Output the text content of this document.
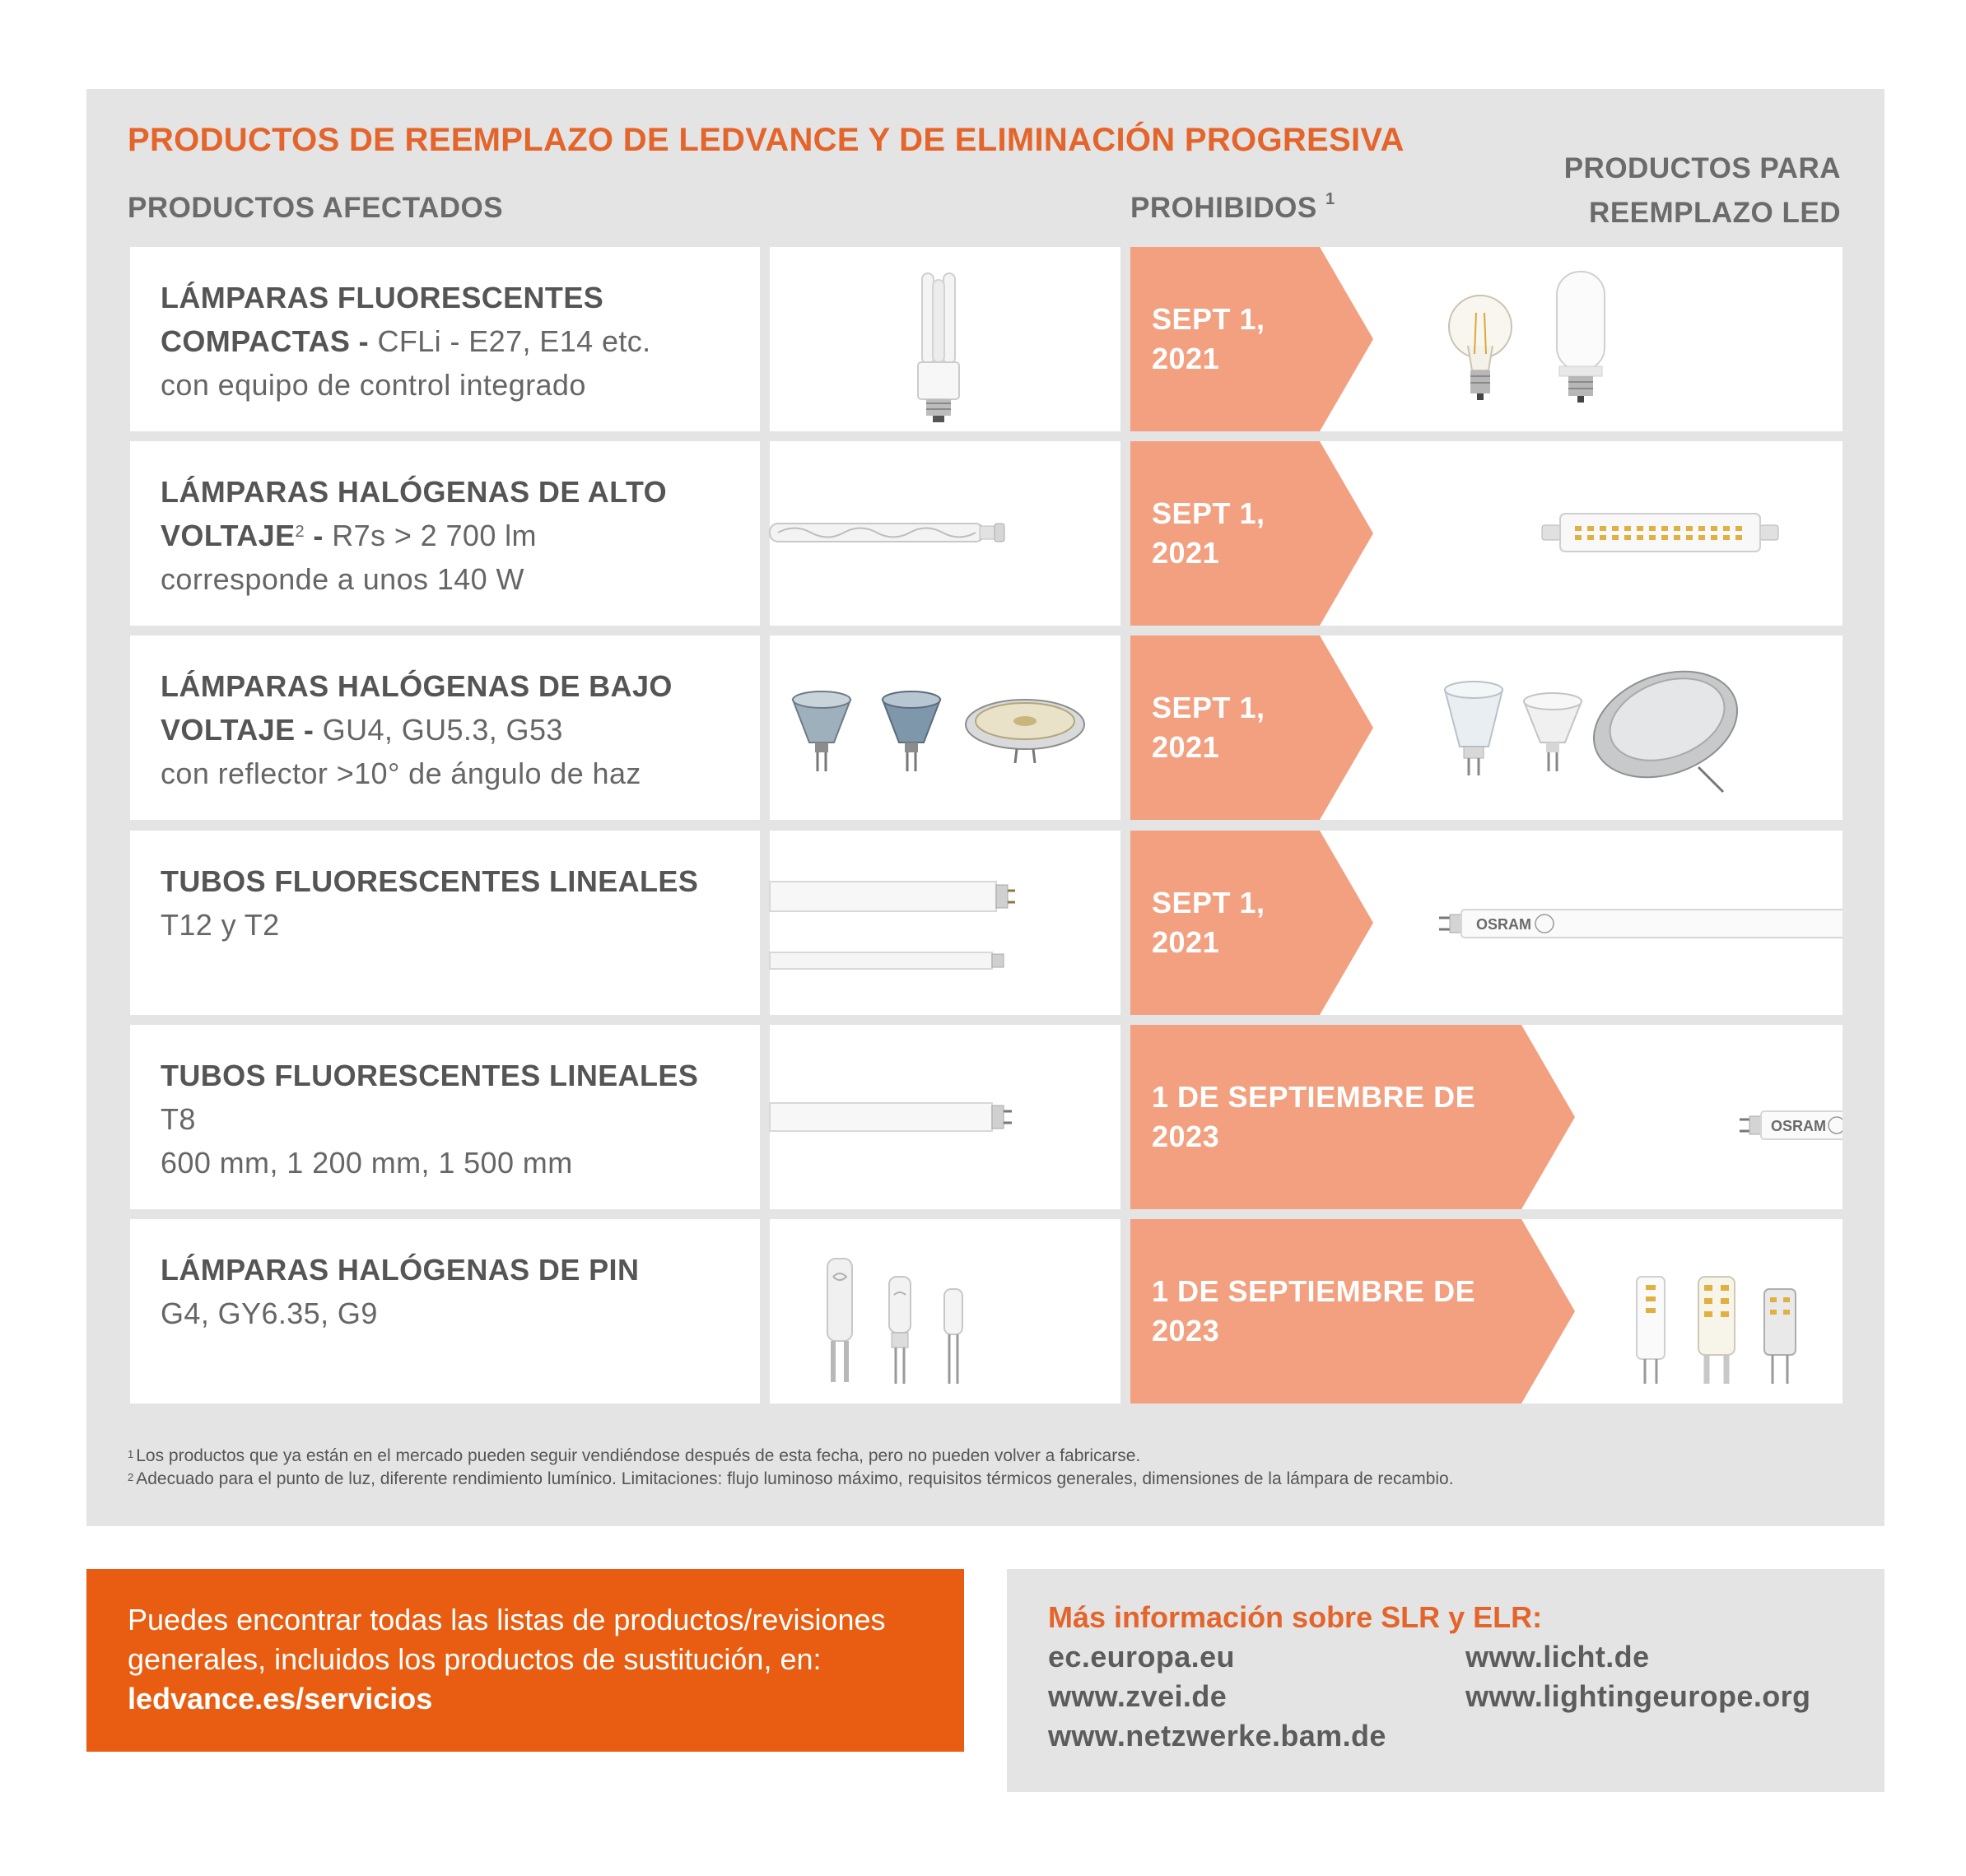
PRODUCTOS DE REEMPLAZO DE LEDVANCE Y DE ELIMINACIÓN PROGRESIVA
PRODUCTOS AFECTADOS	PROHIBIDOS $^1$
PRODUCTOS PARA
REEMPLAZO LED
LÁMPARAS FLUORESCENTES
COMPACTAS - CFLi - E27, E14 etc.
con equipo de control integrado
SEPT 1,
2021
LÁMPARAS HALÓGENAS DE ALTO
VOLTAJE$^2$ - R7s > 2 700 lm
corresponde a unos 140 W
SEPT 1,
2021
LÁMPARAS HALÓGENAS DE BAJO
VOLTAJE - GU4, GU5.3, G53
con reflector >10° de ángulo de haz
SEPT 1,
2021
TUBOS FLUORESCENTES LINEALES
T12 y T2
SEPT 1,
2021
OSRAM
TUBOS FLUORESCENTES LINEALES
T8
600 mm, 1 200 mm, 1 500 mm
1 DE SEPTIEMBRE DE
2023	OSRAM
LÁMPARAS HALÓGENAS DE PIN
G4, GY6.35, G9
1 DE SEPTIEMBRE DE
2023
$^1$ Los productos que ya están en el mercado pueden seguir vendiéndose después de esta fecha, pero no pueden volver a fabricarse.
$^2$ Adecuado para el punto de luz, diferente rendimiento lumínico. Limitaciones: flujo luminoso máximo, requisitos térmicos generales, dimensiones de la lámpara de recambio.
Puedes encontrar todas las listas de productos/revisiones
generales, incluidos los productos de sustitución, en:
ledvance.es/servicios
Más información sobre SLR y ELR:
ec.europa.eu	www.licht.de
www.zvei.de	www.lightingeurope.org
www.netzwerke.bam.de
